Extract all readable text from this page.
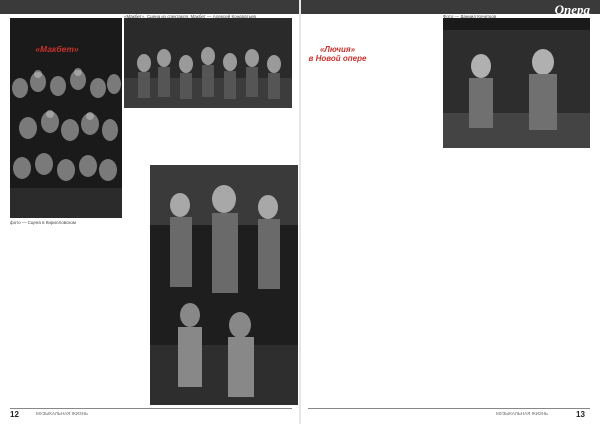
Опера
«Макбет»
«Макбет». Сцена из спектакля. Макбет — Алексей Кондратьев
фото — Сцена в Кирилловском
12	МУЗЫКАЛЬНАЯ ЖИЗНЬ
«Лючия»
в Новой опере
Фото — Даниил Кочетков
13
МУЗЫКАЛЬНАЯ ЖИЗНЬ
